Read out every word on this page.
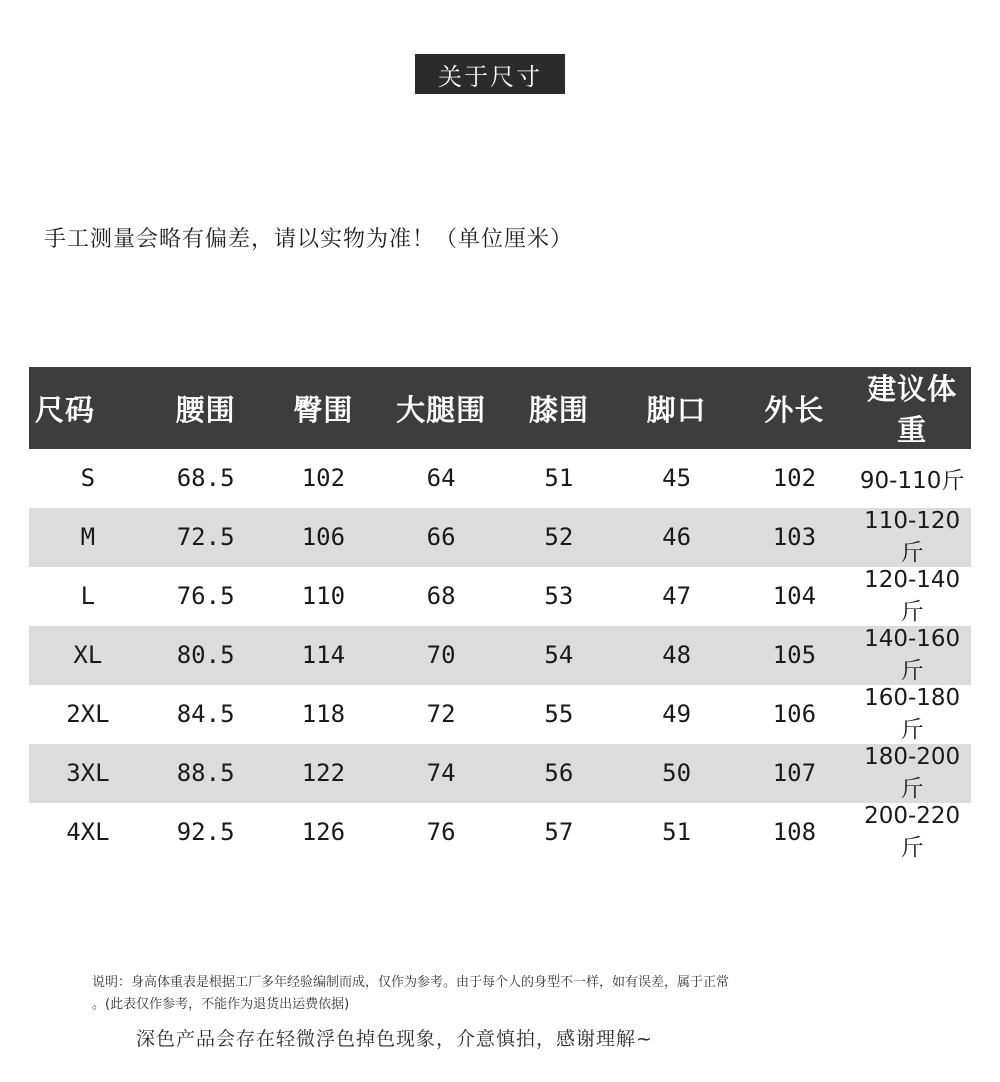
关于尺寸
手工测量会略有偏差，请以实物为准！（单位厘米）
尺码	腰围	臀围	大腿围	膝围	脚口	外长	建议体重
S	68.5	102	64	51	45	102	90-110斤
M	72.5	106	66	52	46	103	110-120斤
L	76.5	110	68	53	47	104	120-140斤
XL	80.5	114	70	54	48	105	140-160斤
2XL	84.5	118	72	55	49	106	160-180斤
3XL	88.5	122	74	56	50	107	180-200斤
4XL	92.5	126	76	57	51	108	200-220斤
说明：身高体重表是根据工厂多年经验编制而成，仅作为参考。由于每个人的身型不一样，如有误差，属于正常
。(此表仅作参考，不能作为退货出运费依据)
深色产品会存在轻微浮色掉色现象，介意慎拍，感谢理解~
